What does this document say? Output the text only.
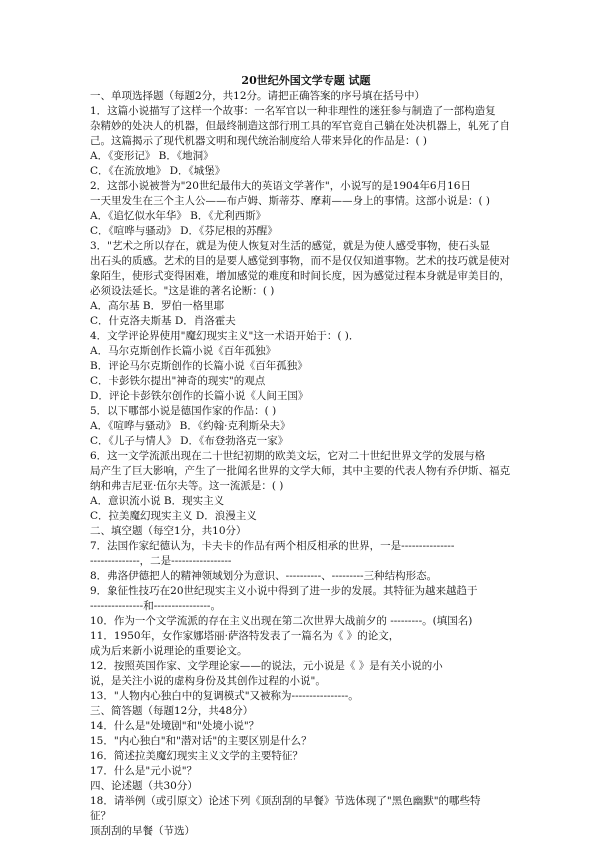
20世纪外国文学专题 试题
一、单项选择题（每题2分，共12分。请把正确答案的序号填在括号中）
1．这篇小说描写了这样一个故事：一名军官以一种非理性的迷狂参与制造了一部构造复
杂精妙的处决人的机器，但最终制造这部行刑工具的军官竟自己躺在处决机器上，轧死了自
己。这篇揭示了现代机器文明和现代统治制度给人带来异化的作品是：( )
A．《变形记》 B．《地洞》
C．《在流放地》 D．《城堡》
2．这部小说被誉为"20世纪最伟大的英语文学著作"，小说写的是1904年6月16日
一天里发生在三个主人公——布卢姆、斯蒂芬、摩莉——身上的事情。这部小说是：( )
A．《追忆似水年华》 B．《尤利西斯》
C．《喧哗与骚动》 D．《芬尼根的苏醒》
3．"艺术之所以存在，就是为使人恢复对生活的感觉，就是为使人感受事物，使石头显
出石头的质感。艺术的目的是要人感觉到事物，而不是仅仅知道事物。艺术的技巧就是使对
象陌生，使形式变得困难，增加感觉的难度和时间长度，因为感觉过程本身就是审美目的，
必须设法延长。"这是谁的著名论断：( )
A．高尔基 B．罗伯一格里耶
C．什克洛夫斯基 D．肖洛霍夫
4．文学评论界使用"魔幻现实主义"这一术语开始于：( )．
A．马尔克斯创作长篇小说《百年孤独》
B．评论马尔克斯创作的长篇小说《百年孤独》
C．卡彭铁尔提出"神奇的现实"的观点
D．评论卡彭铁尔创作的长篇小说《人间王国》
5．以下哪部小说是德国作家的作品：( )
A．《喧哗与骚动》 B．《约翰·克利斯朵夫》
C．《儿子与情人》 D．《布登勃洛克一家》
6．这一文学流派出现在二十世纪初期的欧美文坛，它对二十世纪世界文学的发展与格
局产生了巨大影响，产生了一批闻名世界的文学大师，其中主要的代表人物有乔伊斯、福克
纳和弗吉尼亚·伍尔夫等。这一流派是：( )
A．意识流小说 B．现实主义
C．拉美魔幻现实主义 D．浪漫主义
二、填空题（每空1分，共10分）
7．法国作家纪德认为，卡夫卡的作品有两个相反相承的世界，一是---------------
--------------，二是-----------------
8．弗洛伊德把人的精神领域划分为意识、----------、---------三种结构形态。
9．象征性技巧在20世纪现实主义小说中得到了进一步的发展。其特征为越来越趋于
---------------和----------------。
10．作为一个文学流派的存在主义出现在第二次世界大战前夕的 ---------。(填国名)
11．1950年，女作家娜塔丽·萨洛特发表了一篇名为《 》的论文，
成为后来新小说理论的重要论文。
12．按照英国作家、文学理论家——的说法，元小说是《 》是有关小说的小
说，是关注小说的虚构身份及其创作过程的小说"。
13．"人物内心独白中的复调模式"又被称为----------------。
三、简答题（每题12分，共48分）
14．什么是"处境剧"和"处境小说"？
15．"内心独白"和"潜对话"的主要区别是什么？
16．简述拉美魔幻现实主义文学的主要特征？
17．什么是"元小说"？
四、论述题（共30分）
18．请举例（或引原文）论述下列《顶刮刮的早餐》节选体现了"黑色幽默"的哪些特
征？
顶刮刮的早餐（节选）
